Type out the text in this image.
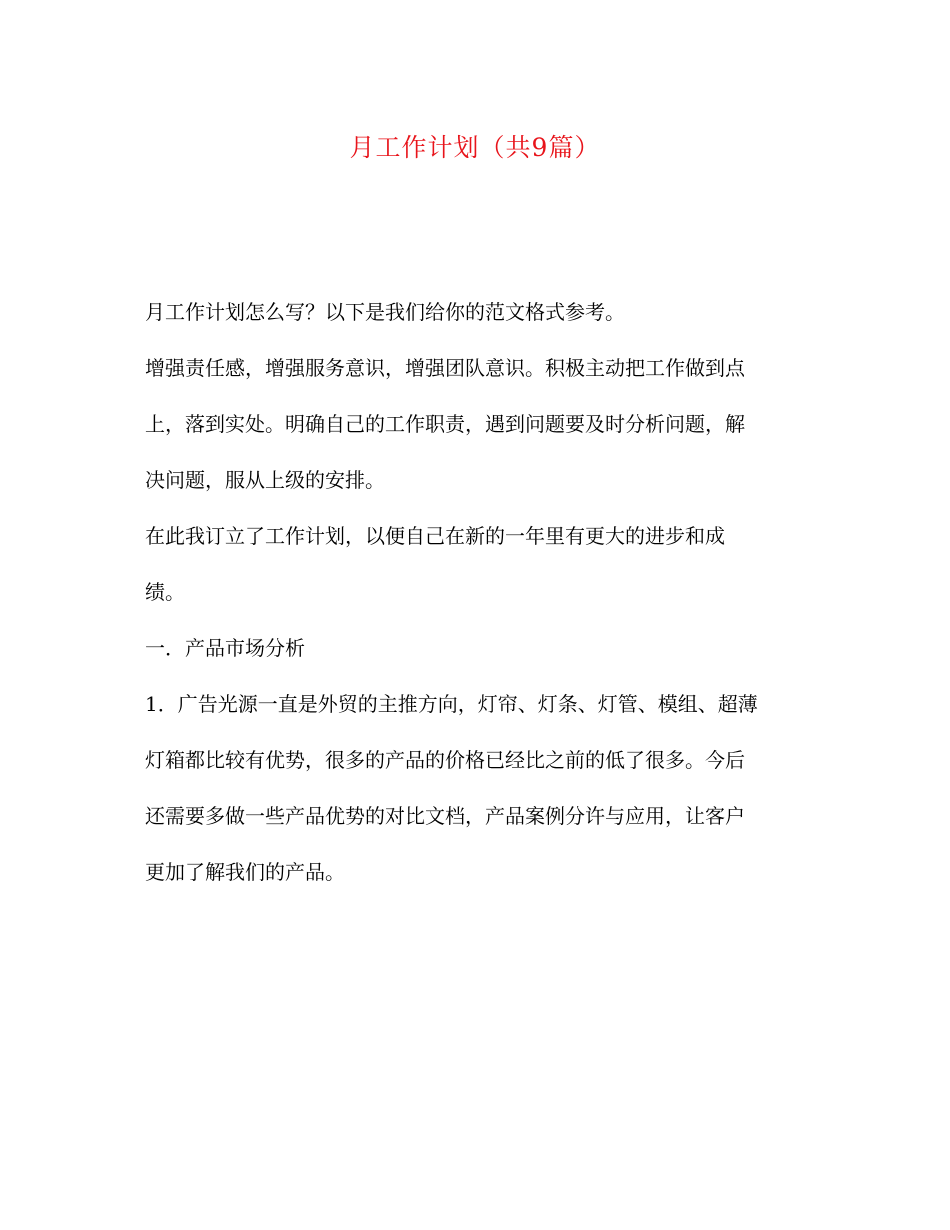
月工作计划（共9篇）

月工作计划怎么写？以下是我们给你的范文格式参考。

增强责任感，增强服务意识，增强团队意识。积极主动把工作做到点
上，落到实处。明确自己的工作职责，遇到问题要及时分析问题，解
决问题，服从上级的安排。

在此我订立了工作计划，以便自己在新的一年里有更大的进步和成
绩。

一．产品市场分析

1．广告光源一直是外贸的主推方向，灯帘、灯条、灯管、模组、超薄
灯箱都比较有优势，很多的产品的价格已经比之前的低了很多。今后
还需要多做一些产品优势的对比文档，产品案例分许与应用，让客户
更加了解我们的产品。
